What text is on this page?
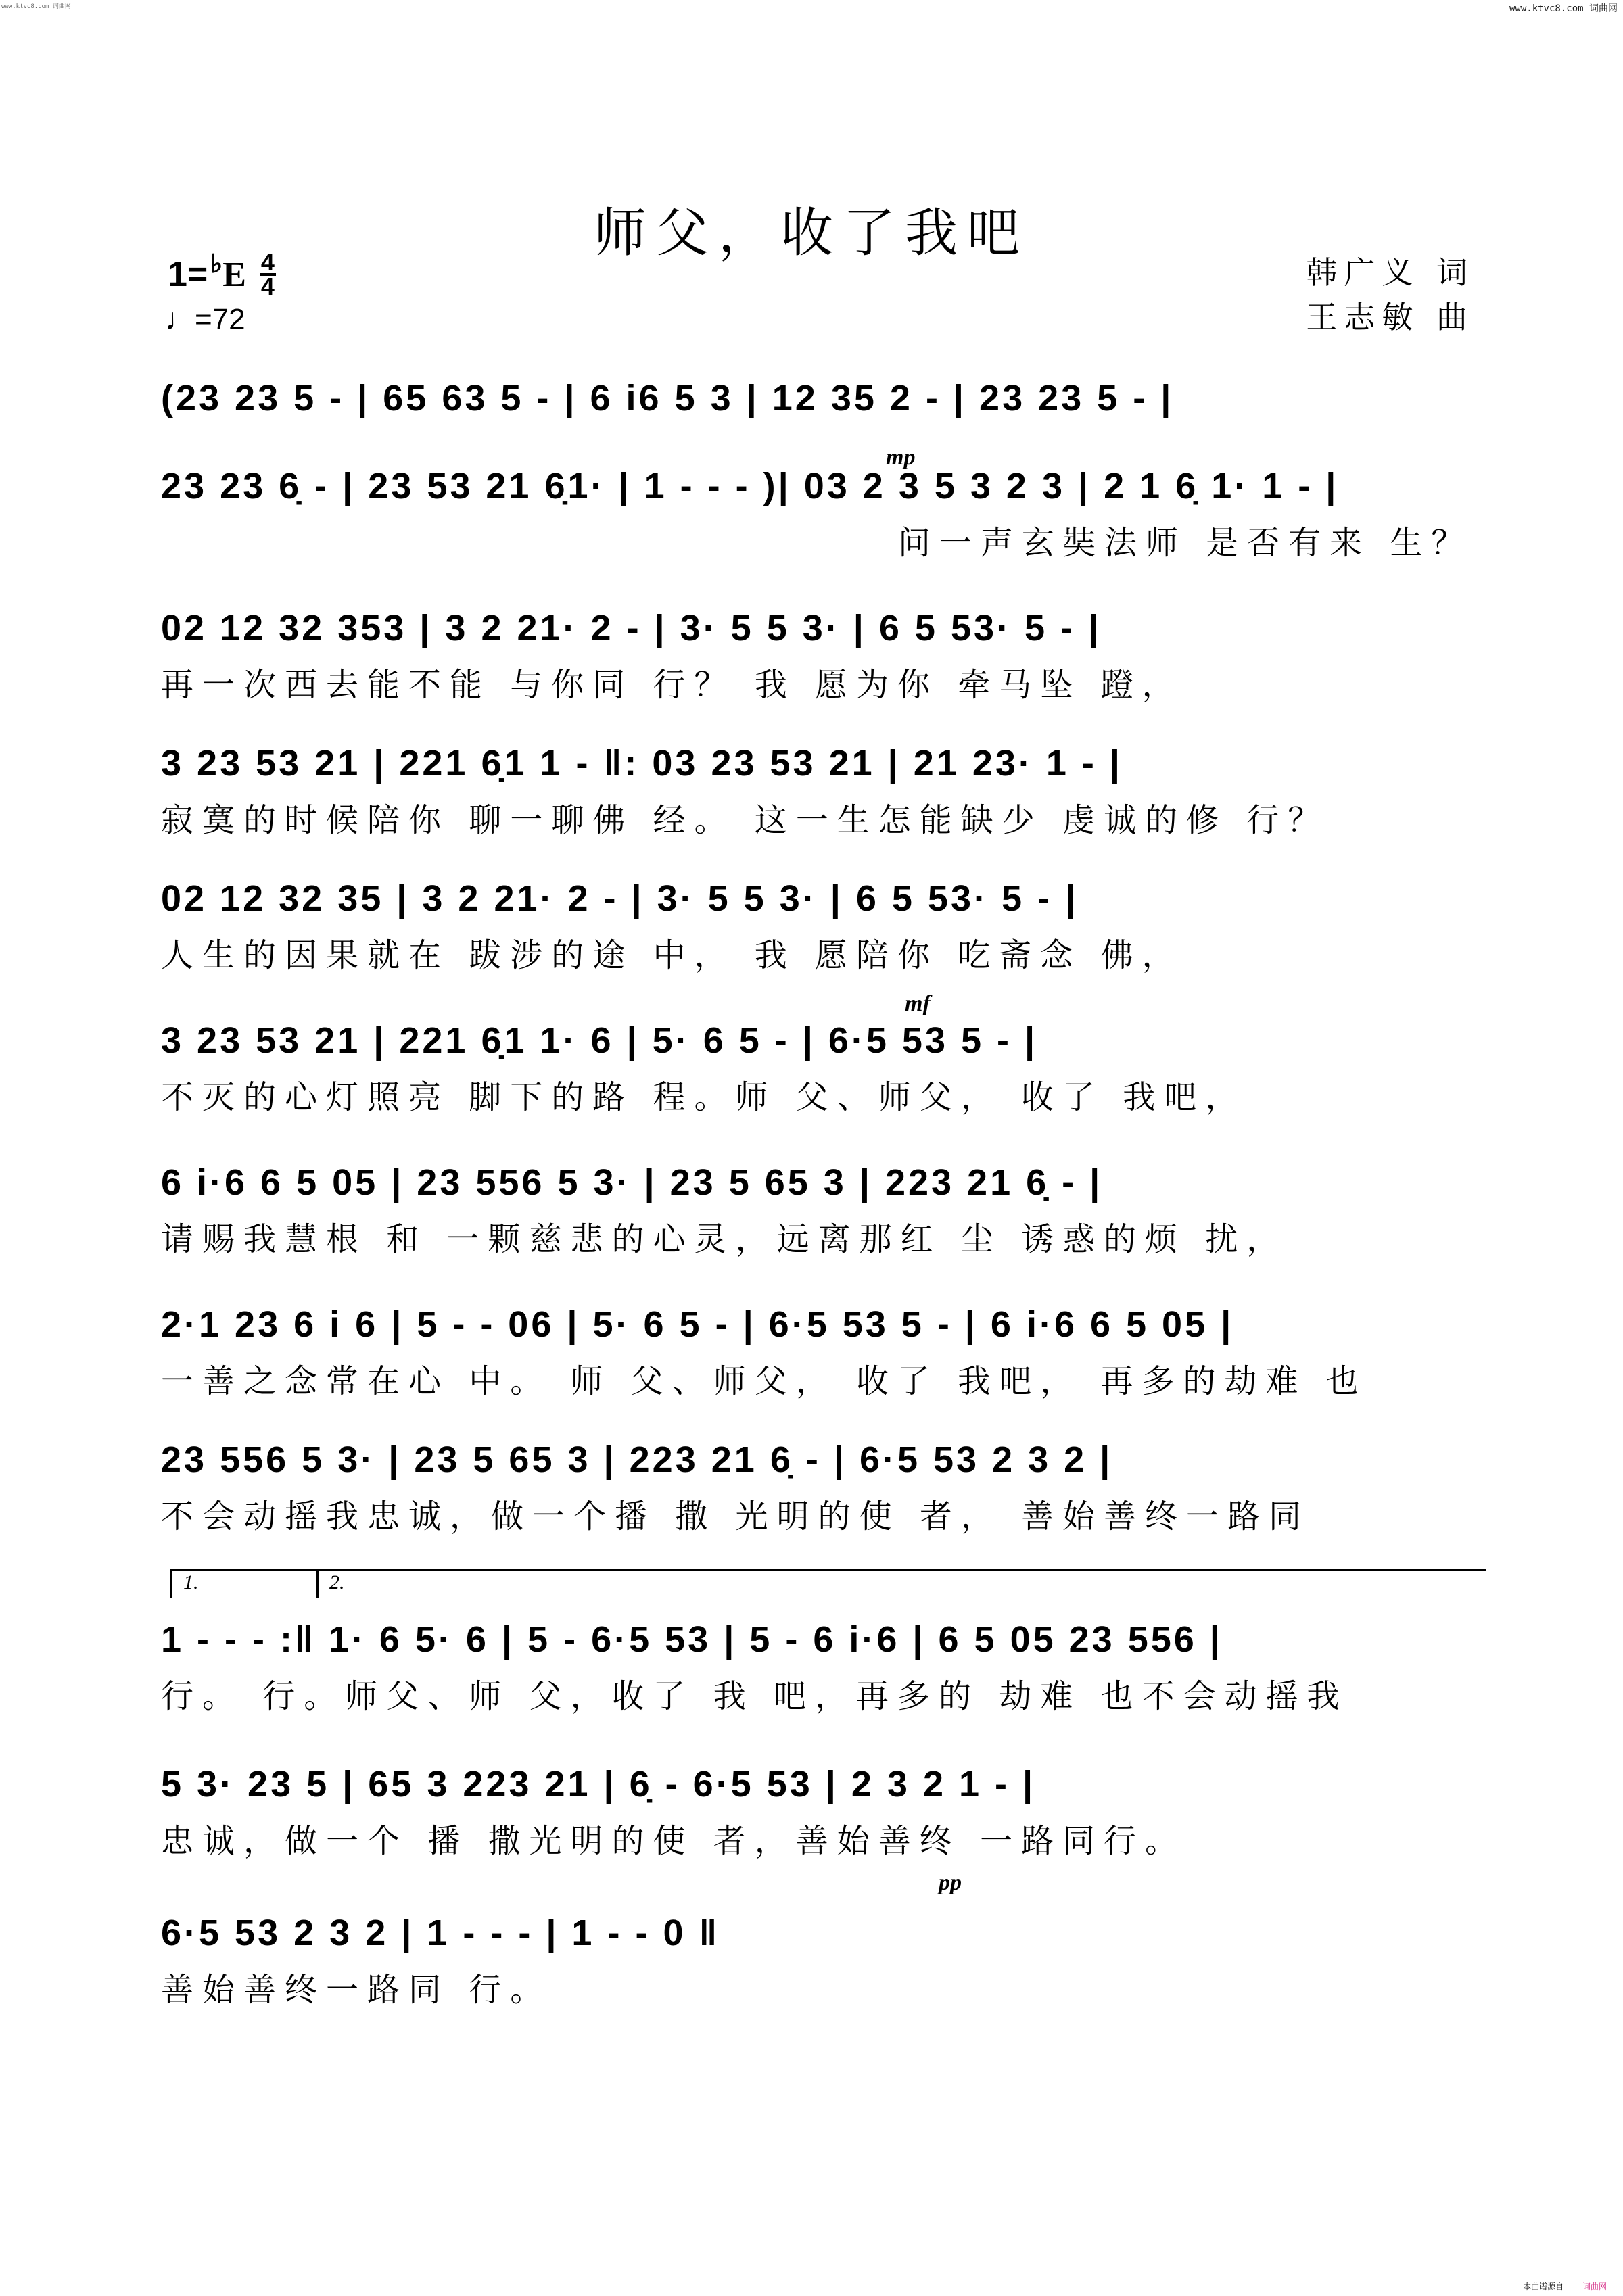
www.ktvc8.com 词曲网	www.ktvc8.com 词曲网
师父，收了我吧
1= ♭ E $\frac{4}{4}$
♩=72
韩广义 词
王志敏 曲
(23 23 5 - | 65 63 5 - | 6 i6 5 3 | 12 35 2 - | 23 23 5 - |
mp
23 23 6̣ - | 23 53 21 6̣1· | 1 - - - )| 03 2 3 5 3 2 3 | 2 1 6̣ 1· 1 - |
问一声玄奘法师 是否有来 生？
02 12 32 353 | 3 2 21· 2 - | 3· 5 5 3· | 6 5 53· 5 - |
再一次西去能不能 与你同 行？ 我 愿为你 牵马坠 蹬，
3 23 53 21 | 221 6̣1 1 - ‖: 03 23 53 21 | 21 23· 1 - |
寂寞的时候陪你 聊一聊佛 经。 这一生怎能缺少 虔诚的修 行？
02 12 32 35 | 3 2 21· 2 - | 3· 5 5 3· | 6 5 53· 5 - |
人生的因果就在 跋涉的途 中， 我 愿陪你 吃斋念 佛，
mf
3 23 53 21 | 221 6̣1 1· 6 | 5· 6 5 - | 6·5 53 5 - |
不灭的心灯照亮 脚下的路 程。师 父、师父， 收了 我吧，
6 i·6 6 5 05 | 23 556 5 3· | 23 5 65 3 | 223 21 6̣ - |
请赐我慧根 和 一颗慈悲的心灵，远离那红 尘 诱惑的烦 扰，
2·1 23 6 i 6 | 5 - - 06 | 5· 6 5 - | 6·5 53 5 - | 6 i·6 6 5 05 |
一善之念常在心 中。 师 父、师父， 收了 我吧， 再多的劫难 也
23 556 5 3· | 23 5 65 3 | 223 21 6̣ - | 6·5 53 2 3 2 |
不会动摇我忠诚，做一个播 撒 光明的使 者， 善始善终一路同
1.	2.
1 - - - :‖ 1· 6 5· 6 | 5 - 6·5 53 | 5 - 6 i·6 | 6 5 05 23 556 |
行。 行。师父、师 父，收了 我 吧，再多的 劫难 也不会动摇我
5 3· 23 5 | 65 3 223 21 | 6̣ - 6·5 53 | 2 3 2 1 - |
忠诚，做一个 播 撒光明的使 者，善始善终 一路同行。
pp
6·5 53 2 3 2 | 1 - - - | 1 - - 0 ‖
善始善终一路同 行。
本曲谱源自 词曲网
